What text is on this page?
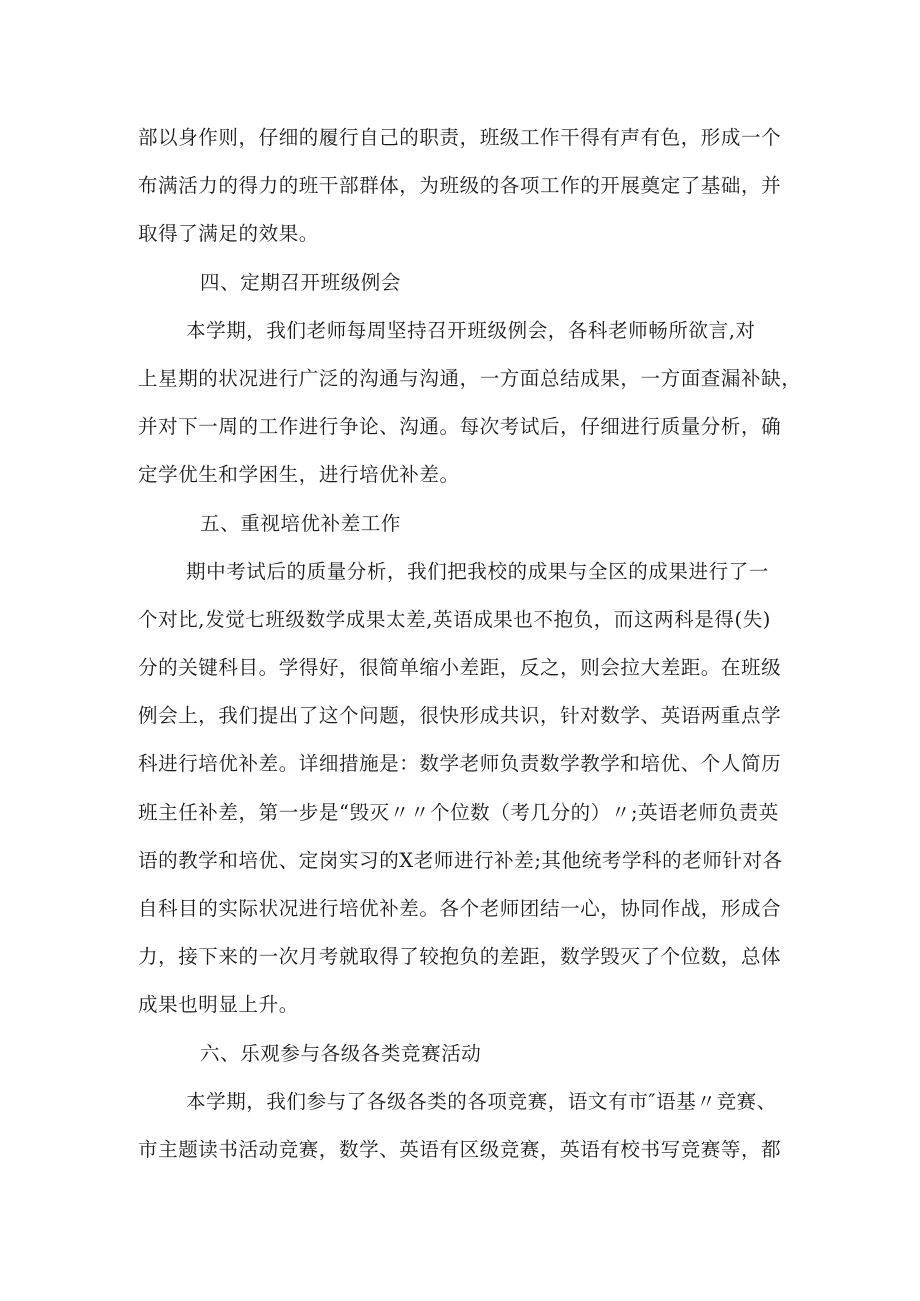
部以身作则，仔细的履行自己的职责，班级工作干得有声有色，形成一个
布满活力的得力的班干部群体，为班级的各项工作的开展奠定了基础，并
取得了满足的效果。
四、定期召开班级例会
本学期，我们老师每周坚持召开班级例会，各科老师畅所欲言,对
上星期的状况进行广泛的沟通与沟通，一方面总结成果，一方面查漏补缺，
并对下一周的工作进行争论、沟通。每次考试后，仔细进行质量分析，确
定学优生和学困生，进行培优补差。
五、重视培优补差工作
期中考试后的质量分析，我们把我校的成果与全区的成果进行了一
个对比,发觉七班级数学成果太差,英语成果也不抱负，而这两科是得(失)
分的关键科目。学得好，很简单缩小差距，反之，则会拉大差距。在班级
例会上，我们提出了这个问题，很快形成共识，针对数学、英语两重点学
科进行培优补差。详细措施是：数学老师负责数学教学和培优、个人简历
班主任补差，第一步是“毁灭〃〃个位数（考几分的）〃;英语老师负责英
语的教学和培优、定岗实习的X老师进行补差;其他统考学科的老师针对各
自科目的实际状况进行培优补差。各个老师团结一心，协同作战，形成合
力，接下来的一次月考就取得了较抱负的差距，数学毁灭了个位数，总体
成果也明显上升。
六、乐观参与各级各类竞赛活动
本学期，我们参与了各级各类的各项竞赛，语文有市″语基〃竞赛、
市主题读书活动竞赛，数学、英语有区级竞赛，英语有校书写竞赛等，都
